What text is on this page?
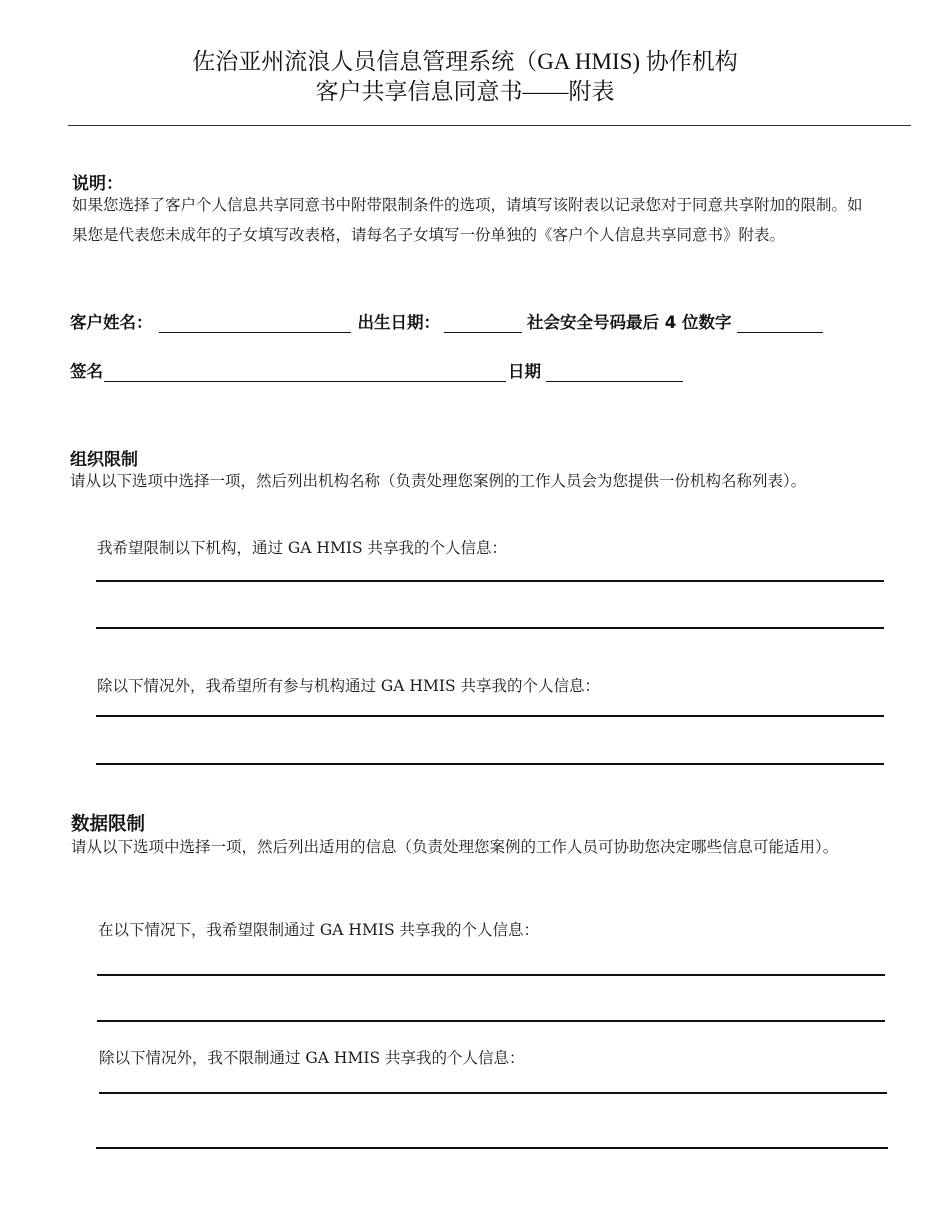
佐治亚州流浪人员信息管理系统（GA HMIS) 协作机构
客户共享信息同意书——附表
说明：
如果您选择了客户个人信息共享同意书中附带限制条件的选项，请填写该附表以记录您对于同意共享附加的限制。如果您是代表您未成年的子女填写改表格，请每名子女填写一份单独的《客户个人信息共享同意书》附表。
客户姓名：	出生日期：	社会安全号码最后 4 位数字
签名	日期
组织限制
请从以下选项中选择一项，然后列出机构名称（负责处理您案例的工作人员会为您提供一份机构名称列表）。
我希望限制以下机构，通过 GA HMIS 共享我的个人信息：
除以下情况外，我希望所有参与机构通过 GA HMIS 共享我的个人信息：
数据限制
请从以下选项中选择一项，然后列出适用的信息（负责处理您案例的工作人员可协助您决定哪些信息可能适用）。
在以下情况下，我希望限制通过 GA HMIS 共享我的个人信息：
除以下情况外，我不限制通过 GA HMIS 共享我的个人信息：
